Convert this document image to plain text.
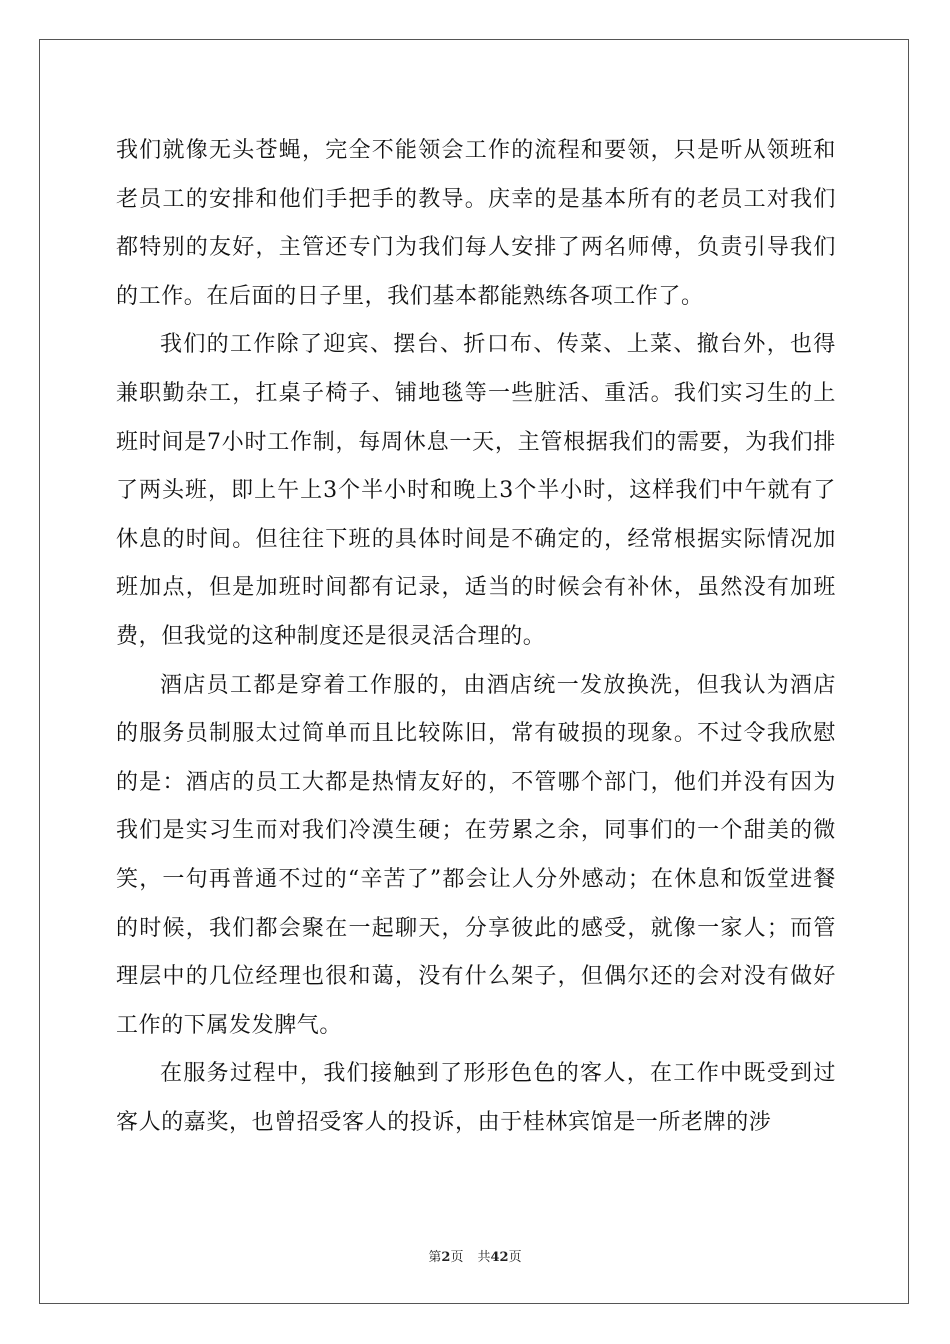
我们就像无头苍蝇，完全不能领会工作的流程和要领，只是听从领班和老员工的安排和他们手把手的教导。庆幸的是基本所有的老员工对我们都特别的友好，主管还专门为我们每人安排了两名师傅，负责引导我们的工作。在后面的日子里，我们基本都能熟练各项工作了。

我们的工作除了迎宾、摆台、折口布、传菜、上菜、撤台外，也得兼职勤杂工，扛桌子椅子、铺地毯等一些脏活、重活。我们实习生的上班时间是7小时工作制，每周休息一天，主管根据我们的需要，为我们排了两头班，即上午上3个半小时和晚上3个半小时，这样我们中午就有了休息的时间。但往往下班的具体时间是不确定的，经常根据实际情况加班加点，但是加班时间都有记录，适当的时候会有补休，虽然没有加班费，但我觉的这种制度还是很灵活合理的。

酒店员工都是穿着工作服的，由酒店统一发放换洗，但我认为酒店的服务员制服太过简单而且比较陈旧，常有破损的现象。不过令我欣慰的是：酒店的员工大都是热情友好的，不管哪个部门，他们并没有因为我们是实习生而对我们冷漠生硬；在劳累之余，同事们的一个甜美的微笑，一句再普通不过的“辛苦了”都会让人分外感动；在休息和饭堂进餐的时候，我们都会聚在一起聊天，分享彼此的感受，就像一家人；而管理层中的几位经理也很和蔼，没有什么架子，但偶尔还的会对没有做好工作的下属发发脾气。

在服务过程中，我们接触到了形形色色的客人，在工作中既受到过客人的嘉奖，也曾招受客人的投诉，由于桂林宾馆是一所老牌的涉

第2页 共42页
